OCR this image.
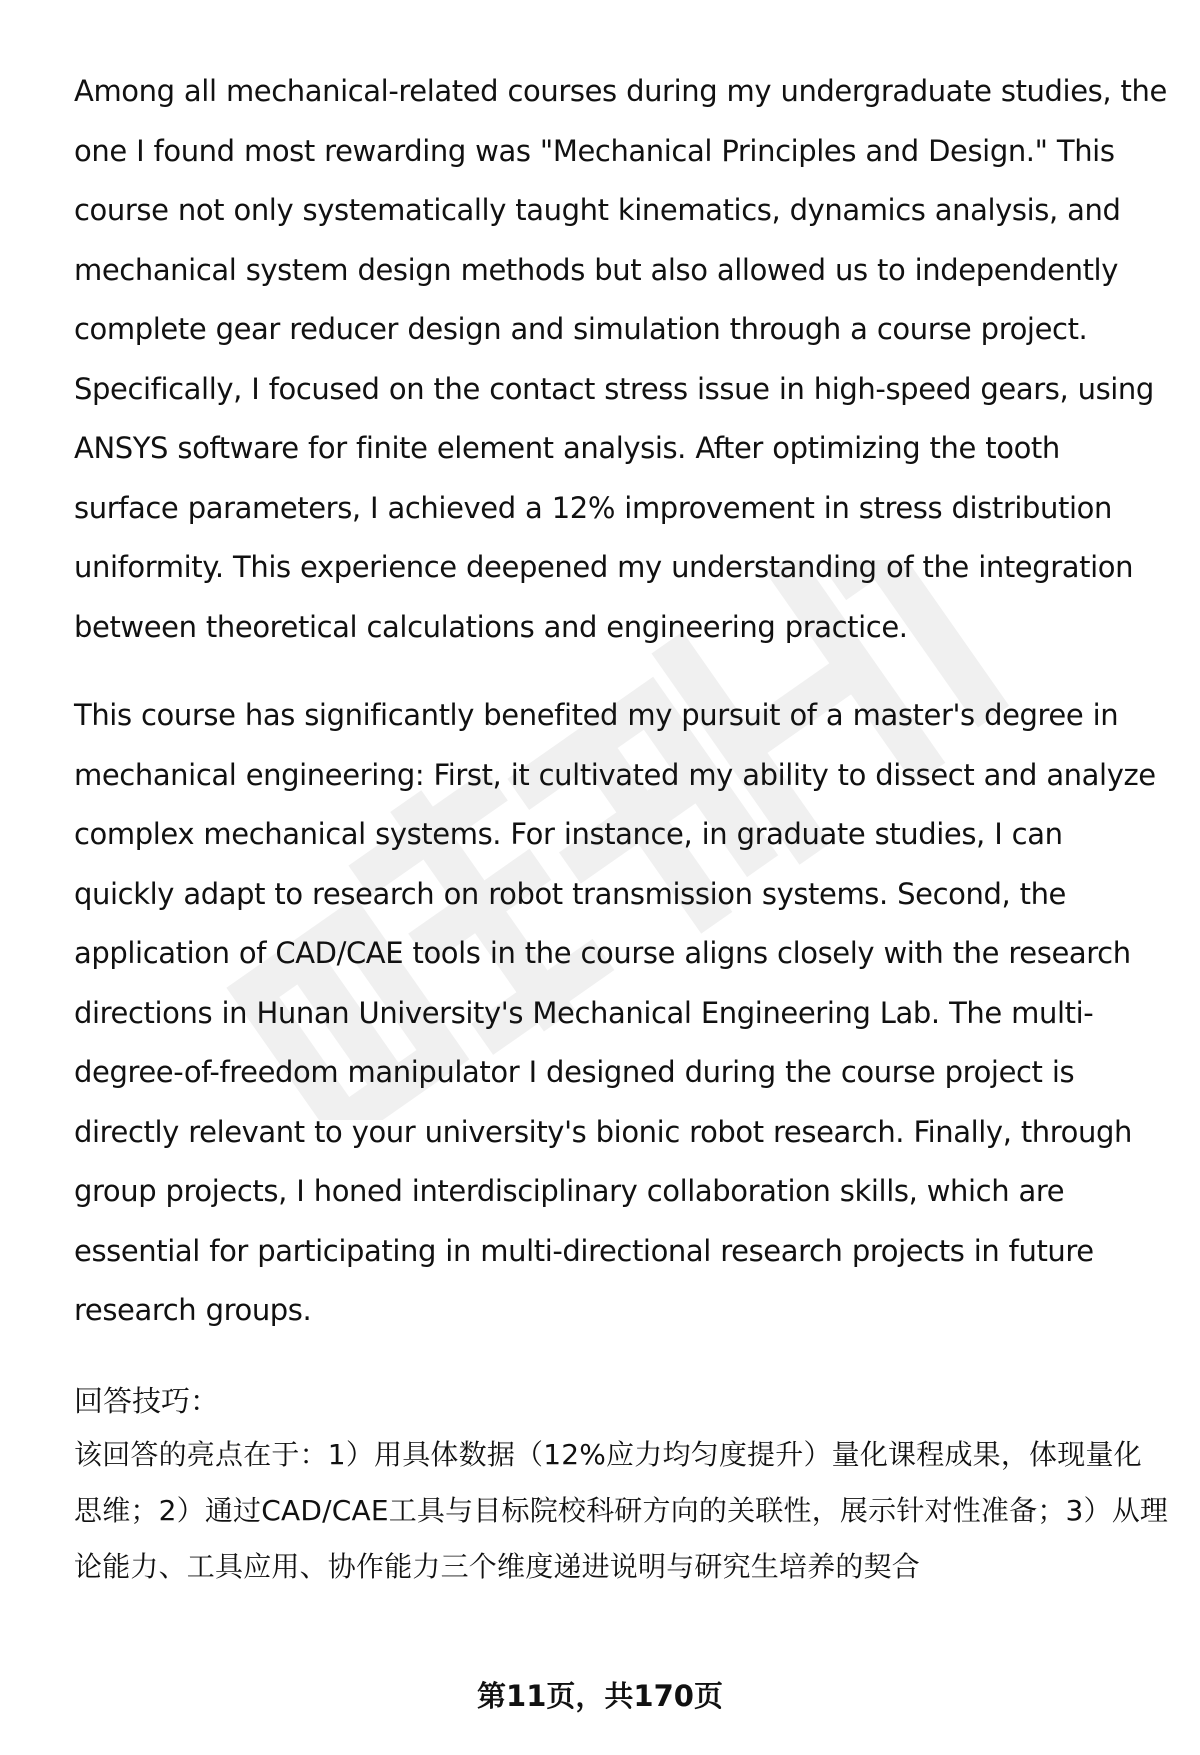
Among all mechanical-related courses during my undergraduate studies, the one I found most rewarding was "Mechanical Principles and Design." This course not only systematically taught kinematics, dynamics analysis, and mechanical system design methods but also allowed us to independently complete gear reducer design and simulation through a course project. Specifically, I focused on the contact stress issue in high-speed gears, using ANSYS software for finite element analysis. After optimizing the tooth surface parameters, I achieved a 12% improvement in stress distribution uniformity. This experience deepened my understanding of the integration between theoretical calculations and engineering practice.

This course has significantly benefited my pursuit of a master's degree in mechanical engineering: First, it cultivated my ability to dissect and analyze complex mechanical systems. For instance, in graduate studies, I can quickly adapt to research on robot transmission systems. Second, the application of CAD/CAE tools in the course aligns closely with the research directions in Hunan University's Mechanical Engineering Lab. The multi-degree-of-freedom manipulator I designed during the course project is directly relevant to your university's bionic robot research. Finally, through group projects, I honed interdisciplinary collaboration skills, which are essential for participating in multi-directional research projects in future research groups.

回答技巧：

该回答的亮点在于：1）用具体数据（12%应力均匀度提升）量化课程成果，体现量化思维；2）通过CAD/CAE工具与目标院校科研方向的关联性，展示针对性准备；3）从理论能力、工具应用、协作能力三个维度递进说明与研究生培养的契合

第11页，共170页
